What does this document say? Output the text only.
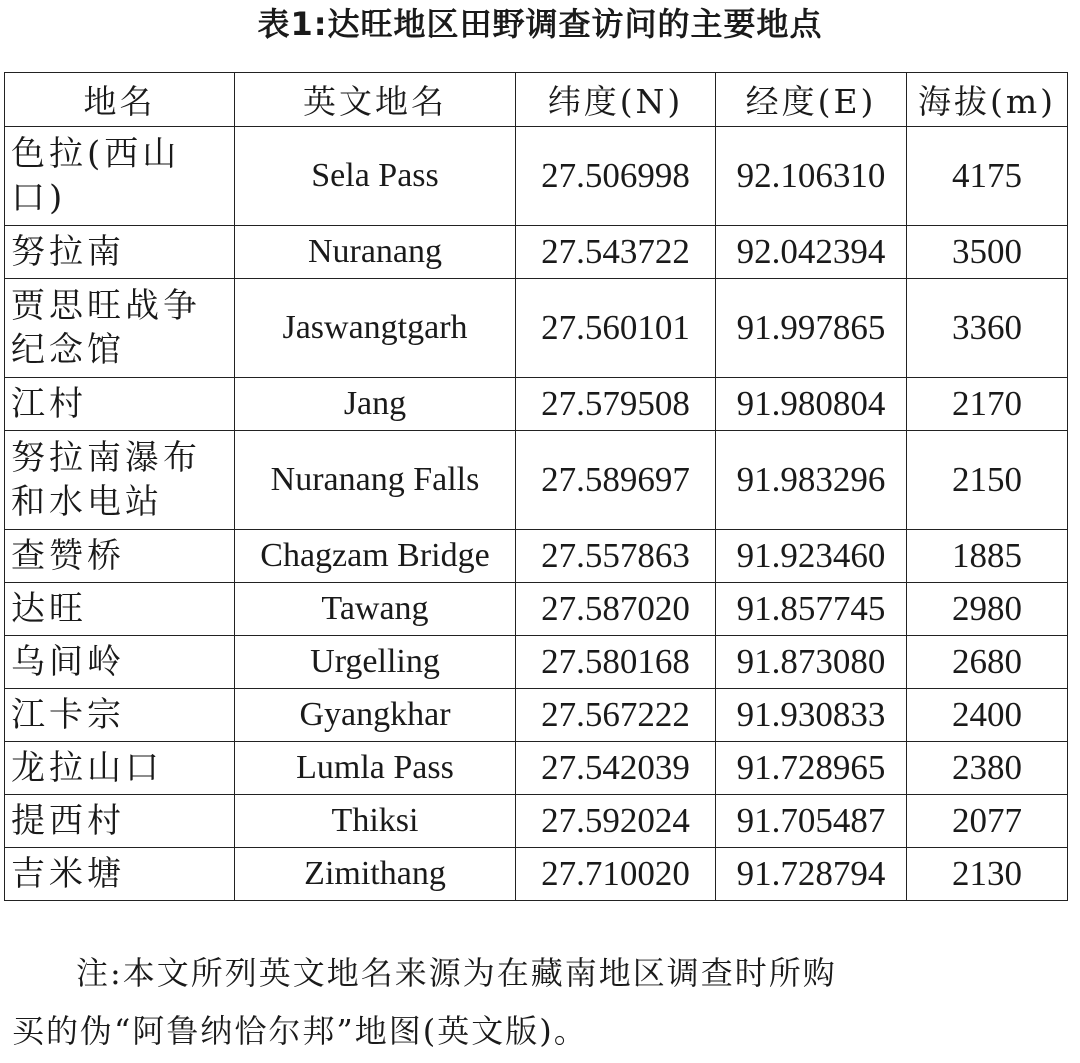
表1:达旺地区田野调查访问的主要地点
地名	英文地名	纬度(N)	经度(E)	海拔(m)
色拉(西山口)	Sela Pass	27.506998	92.106310	4175
努拉南	Nuranang	27.543722	92.042394	3500
贾思旺战争纪念馆	Jaswangtgarh	27.560101	91.997865	3360
江村	Jang	27.579508	91.980804	2170
努拉南瀑布和水电站	Nuranang Falls	27.589697	91.983296	2150
查赞桥	Chagzam Bridge	27.557863	91.923460	1885
达旺	Tawang	27.587020	91.857745	2980
乌间岭	Urgelling	27.580168	91.873080	2680
江卡宗	Gyangkhar	27.567222	91.930833	2400
龙拉山口	Lumla Pass	27.542039	91.728965	2380
提西村	Thiksi	27.592024	91.705487	2077
吉米塘	Zimithang	27.710020	91.728794	2130
注:本文所列英文地名来源为在藏南地区调查时所购
买的伪“阿鲁纳恰尔邦”地图(英文版)。
